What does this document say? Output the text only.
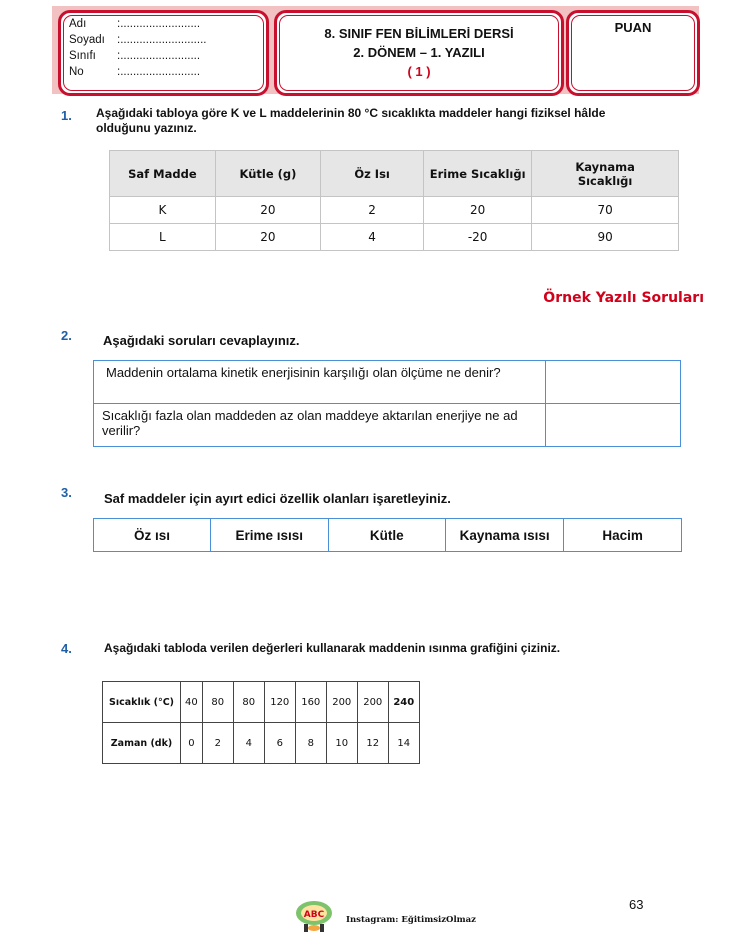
Adı	:.........................
Soyadı :...........................
Sınıfı :.........................
No	:.........................
8. SINIF FEN BİLİMLERİ DERSİ
2. DÖNEM – 1. YAZILI
( 1 )
PUAN
1. Aşağıdaki tabloya göre K ve L maddelerinin 80 °C sıcaklıkta maddeler hangi fiziksel hâlde
olduğunu yazınız.
Saf Madde	Kütle (g)	Öz Isı	Erime Sıcaklığı	Kaynama Sıcaklığı
K	20	2	20	70
L	20	4	-20	90
Örnek Yazılı Soruları
2. Aşağıdaki soruları cevaplayınız.
Maddenin ortalama kinetik enerjisinin karşılığı olan ölçüme ne denir?	
Sıcaklığı fazla olan maddeden az olan maddeye aktarılan enerjiye ne ad verilir?	
3. Saf maddeler için ayırt edici özellik olanları işaretleyiniz.
Öz ısı	Erime ısısı	Kütle	Kaynama ısısı	Hacim
4.	Aşağıdaki tabloda verilen değerleri kullanarak maddenin ısınma grafiğini çiziniz.
Sıcaklık (°C)	40	80	80	120	160	200	200	240
Zaman (dk)	0	2	4	6	8	10	12	14
63
ABC	Instagram: EğitimsizOlmaz
